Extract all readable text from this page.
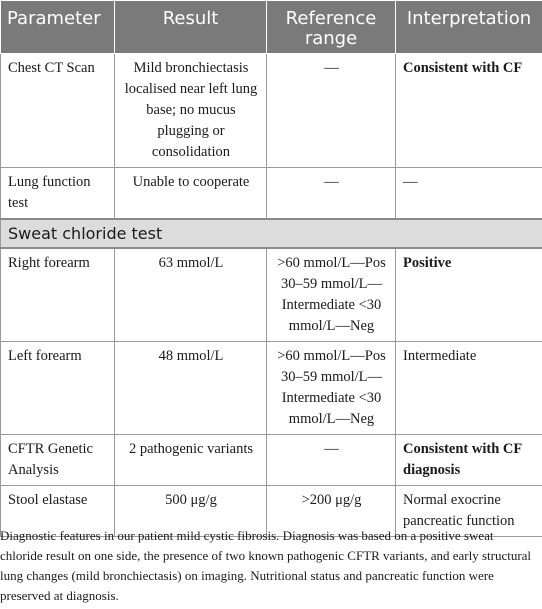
Parameter	Result	Reference range	Interpretation
Chest CT Scan	Mild bronchiectasis localised near left lung base; no mucus plugging or consolidation	—	Consistent with CF
Lung function test	Unable to cooperate	—	—
Sweat chloride test			
Right forearm	63 mmol/L	>60 mmol/L—Pos 30–59 mmol/L—Intermediate <30 mmol/L—Neg	Positive
Left forearm	48 mmol/L	>60 mmol/L—Pos 30–59 mmol/L—Intermediate <30 mmol/L—Neg	Intermediate
CFTR Genetic Analysis	2 pathogenic variants	—	Consistent with CF diagnosis
Stool elastase	500 μg/g	>200 μg/g	Normal exocrine pancreatic function
Diagnostic features in our patient mild cystic fibrosis. Diagnosis was based on a positive sweat chloride result on one side, the presence of two known pathogenic CFTR variants, and early structural lung changes (mild bronchiectasis) on imaging. Nutritional status and pancreatic function were preserved at diagnosis.
